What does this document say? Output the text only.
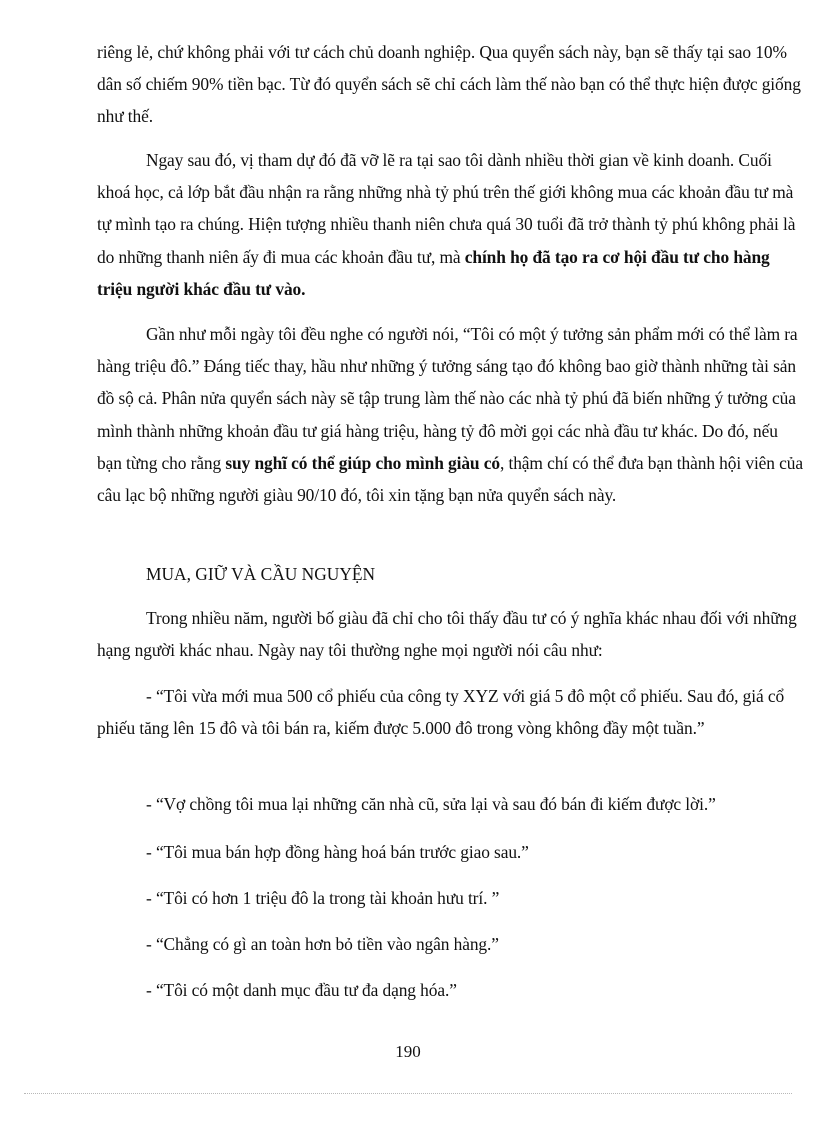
riêng lẻ, chứ không phải với tư cách chủ doanh nghiệp. Qua quyển sách này, bạn sẽ thấy tại sao 10% dân số chiếm 90% tiền bạc. Từ đó quyển sách sẽ chỉ cách làm thế nào bạn có thể thực hiện được giống như thế.

Ngay sau đó, vị tham dự đó đã vỡ lẽ ra tại sao tôi dành nhiều thời gian về kinh doanh. Cuối khoá học, cả lớp bắt đầu nhận ra rằng những nhà tỷ phú trên thế giới không mua các khoản đầu tư mà tự mình tạo ra chúng. Hiện tượng nhiều thanh niên chưa quá 30 tuổi đã trở thành tỷ phú không phải là do những thanh niên ấy đi mua các khoản đầu tư, mà chính họ đã tạo ra cơ hội đầu tư cho hàng triệu người khác đầu tư vào.

Gần như mỗi ngày tôi đều nghe có người nói, “Tôi có một ý tưởng sản phẩm mới có thể làm ra hàng triệu đô.” Đáng tiếc thay, hầu như những ý tưởng sáng tạo đó không bao giờ thành những tài sản đồ sộ cả. Phân nửa quyển sách này sẽ tập trung làm thế nào các nhà tỷ phú đã biến những ý tưởng của mình thành những khoản đầu tư giá hàng triệu, hàng tỷ đô mời gọi các nhà đầu tư khác. Do đó, nếu bạn từng cho rằng suy nghĩ có thể giúp cho mình giàu có, thậm chí có thể đưa bạn thành hội viên của câu lạc bộ những người giàu 90/10 đó, tôi xin tặng bạn nửa quyển sách này.

MUA, GIỮ VÀ CẦU NGUYỆN

Trong nhiều năm, người bố giàu đã chỉ cho tôi thấy đầu tư có ý nghĩa khác nhau đối với những hạng người khác nhau. Ngày nay tôi thường nghe mọi người nói câu như:

- “Tôi vừa mới mua 500 cổ phiếu của công ty XYZ với giá 5 đô một cổ phiếu. Sau đó, giá cổ phiếu tăng lên 15 đô và tôi bán ra, kiếm được 5.000 đô trong vòng không đầy một tuần.”

- “Vợ chồng tôi mua lại những căn nhà cũ, sửa lại và sau đó bán đi kiếm được lời.”

- “Tôi mua bán hợp đồng hàng hoá bán trước giao sau.”

- “Tôi có hơn 1 triệu đô la trong tài khoản hưu trí. ”

- “Chẳng có gì an toàn hơn bỏ tiền vào ngân hàng.”

- “Tôi có một danh mục đầu tư đa dạng hóa.”

190
